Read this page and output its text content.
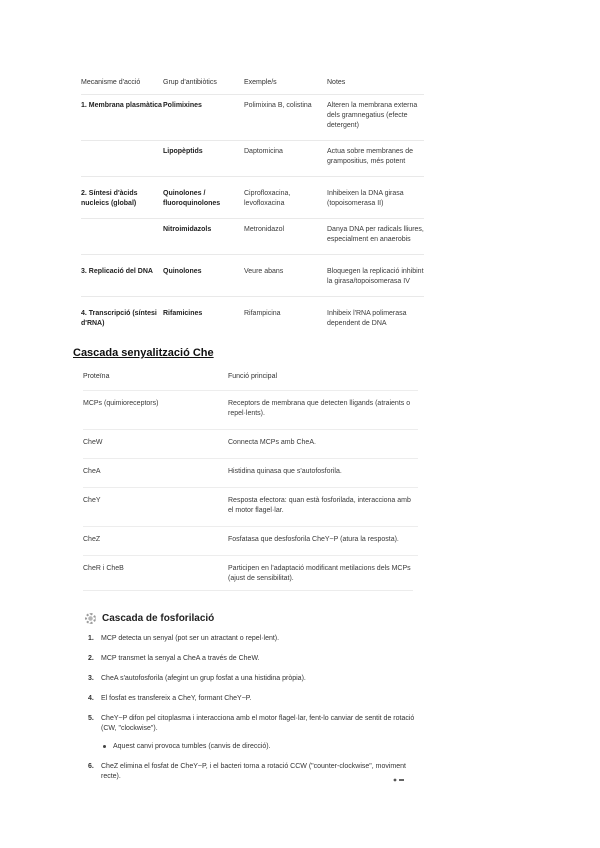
Mecanisme d'acció	Grup d'antibiòtics	Exemple/s	Notes
1. Membrana plasmàtica	Polimixines	Polimixina B, colistina	Alteren la membrana externa dels gramnegatius (efecte detergent)
	Lipopèptids	Daptomicina	Actua sobre membranes de grampositius, més potent
2. Síntesi d'àcids nucleics (global)	Quinolones / fluoroquinolones	Ciprofloxacina, levofloxacina	Inhibeixen la DNA girasa (topoisomerasa II)
	Nitroimidazols	Metronidazol	Danya DNA per radicals lliures, especialment en anaerobis
3. Replicació del DNA	Quinolones	Veure abans	Bloquegen la replicació inhibint la girasa/topoisomerasa IV
4. Transcripció (síntesi d'RNA)	Rifamicines	Rifampicina	Inhibeix l'RNA polimerasa dependent de DNA
Cascada senyalització Che
Proteïna	Funció principal
MCPs (quimioreceptors)	Receptors de membrana que detecten lligands (atraients o repel·lents).
CheW	Connecta MCPs amb CheA.
CheA	Histidina quinasa que s'autofosforila.
CheY	Resposta efectora: quan està fosforilada, interacciona amb el motor flagel·lar.
CheZ	Fosfatasa que desfosforila CheY~P (atura la resposta).
CheR i CheB	Participen en l'adaptació modificant metilacions dels MCPs (ajust de sensibilitat).
Cascada de fosforilació
1. MCP detecta un senyal (pot ser un atractant o repel·lent).
2. MCP transmet la senyal a CheA a través de CheW.
3. CheA s'autofosforila (afegint un grup fosfat a una histidina pròpia).
4. El fosfat es transfereix a CheY, formant CheY~P.
5. CheY~P difon pel citoplasma i interacciona amb el motor flagel·lar, fent-lo canviar de sentit de rotació (CW, "clockwise").
Aquest canvi provoca tumbles (canvis de direcció).
6. CheZ elimina el fosfat de CheY~P, i el bacteri torna a rotació CCW ("counter-clockwise", moviment recte).
